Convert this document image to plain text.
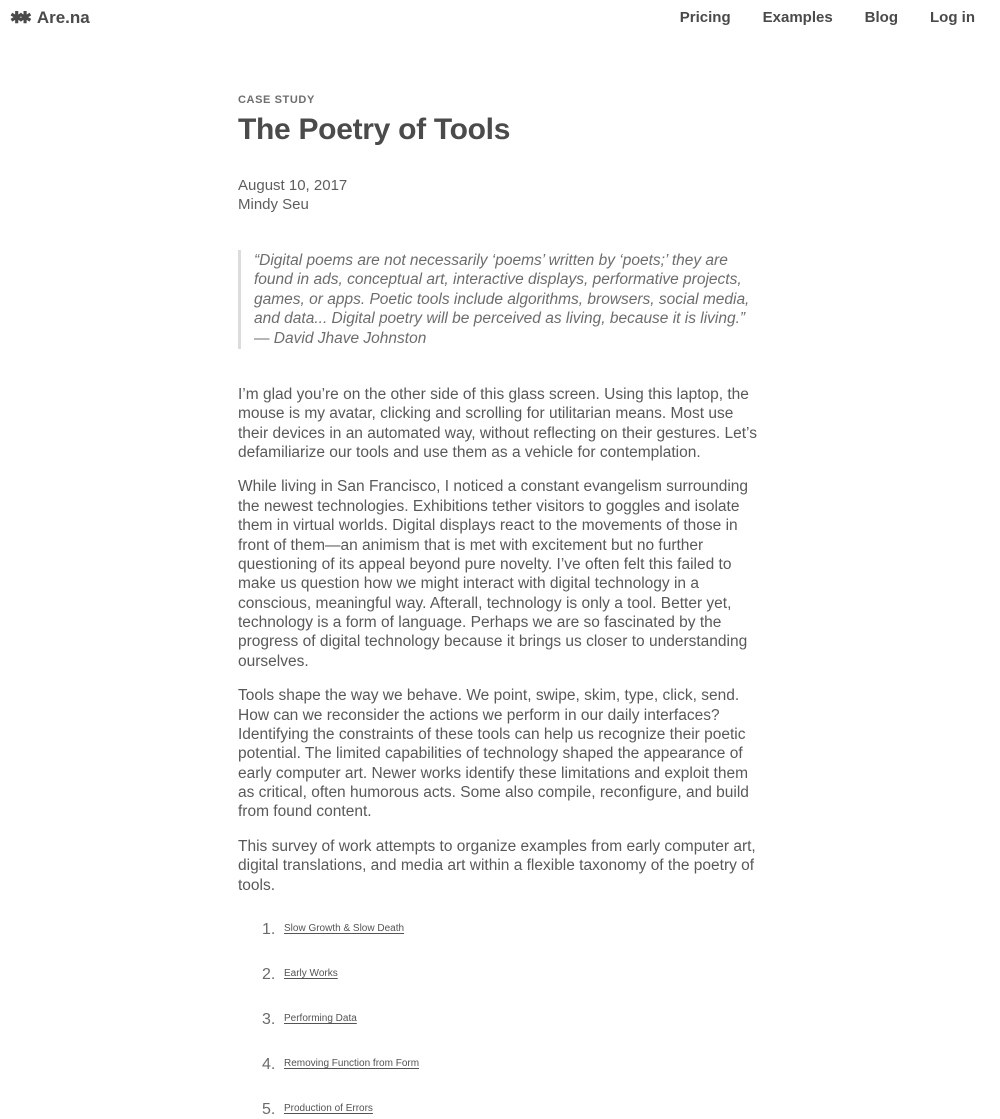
✱✱ Are.na	Pricing Examples Blog Log in
CASE STUDY
The Poetry of Tools
August 10, 2017
Mindy Seu
“Digital poems are not necessarily ‘poems’ written by ‘poets;’ they are found in ads, conceptual art, interactive displays, performative projects, games, or apps. Poetic tools include algorithms, browsers, social media, and data... Digital poetry will be perceived as living, because it is living.” — David Jhave Johnston

I’m glad you’re on the other side of this glass screen. Using this laptop, the mouse is my avatar, clicking and scrolling for utilitarian means. Most use their devices in an automated way, without reflecting on their gestures. Let’s defamiliarize our tools and use them as a vehicle for contemplation.

While living in San Francisco, I noticed a constant evangelism surrounding the newest technologies. Exhibitions tether visitors to goggles and isolate them in virtual worlds. Digital displays react to the movements of those in front of them—an animism that is met with excitement but no further questioning of its appeal beyond pure novelty. I’ve often felt this failed to make us question how we might interact with digital technology in a conscious, meaningful way. Afterall, technology is only a tool. Better yet, technology is a form of language. Perhaps we are so fascinated by the progress of digital technology because it brings us closer to understanding ourselves.

Tools shape the way we behave. We point, swipe, skim, type, click, send. How can we reconsider the actions we perform in our daily interfaces? Identifying the constraints of these tools can help us recognize their poetic potential. The limited capabilities of technology shaped the appearance of early computer art. Newer works identify these limitations and exploit them as critical, often humorous acts. Some also compile, reconfigure, and build from found content.

This survey of work attempts to organize examples from early computer art, digital translations, and media art within a flexible taxonomy of the poetry of tools.

1. Slow Growth & Slow Death
2. Early Works
3. Performing Data
4. Removing Function from Form
5. Production of Errors
